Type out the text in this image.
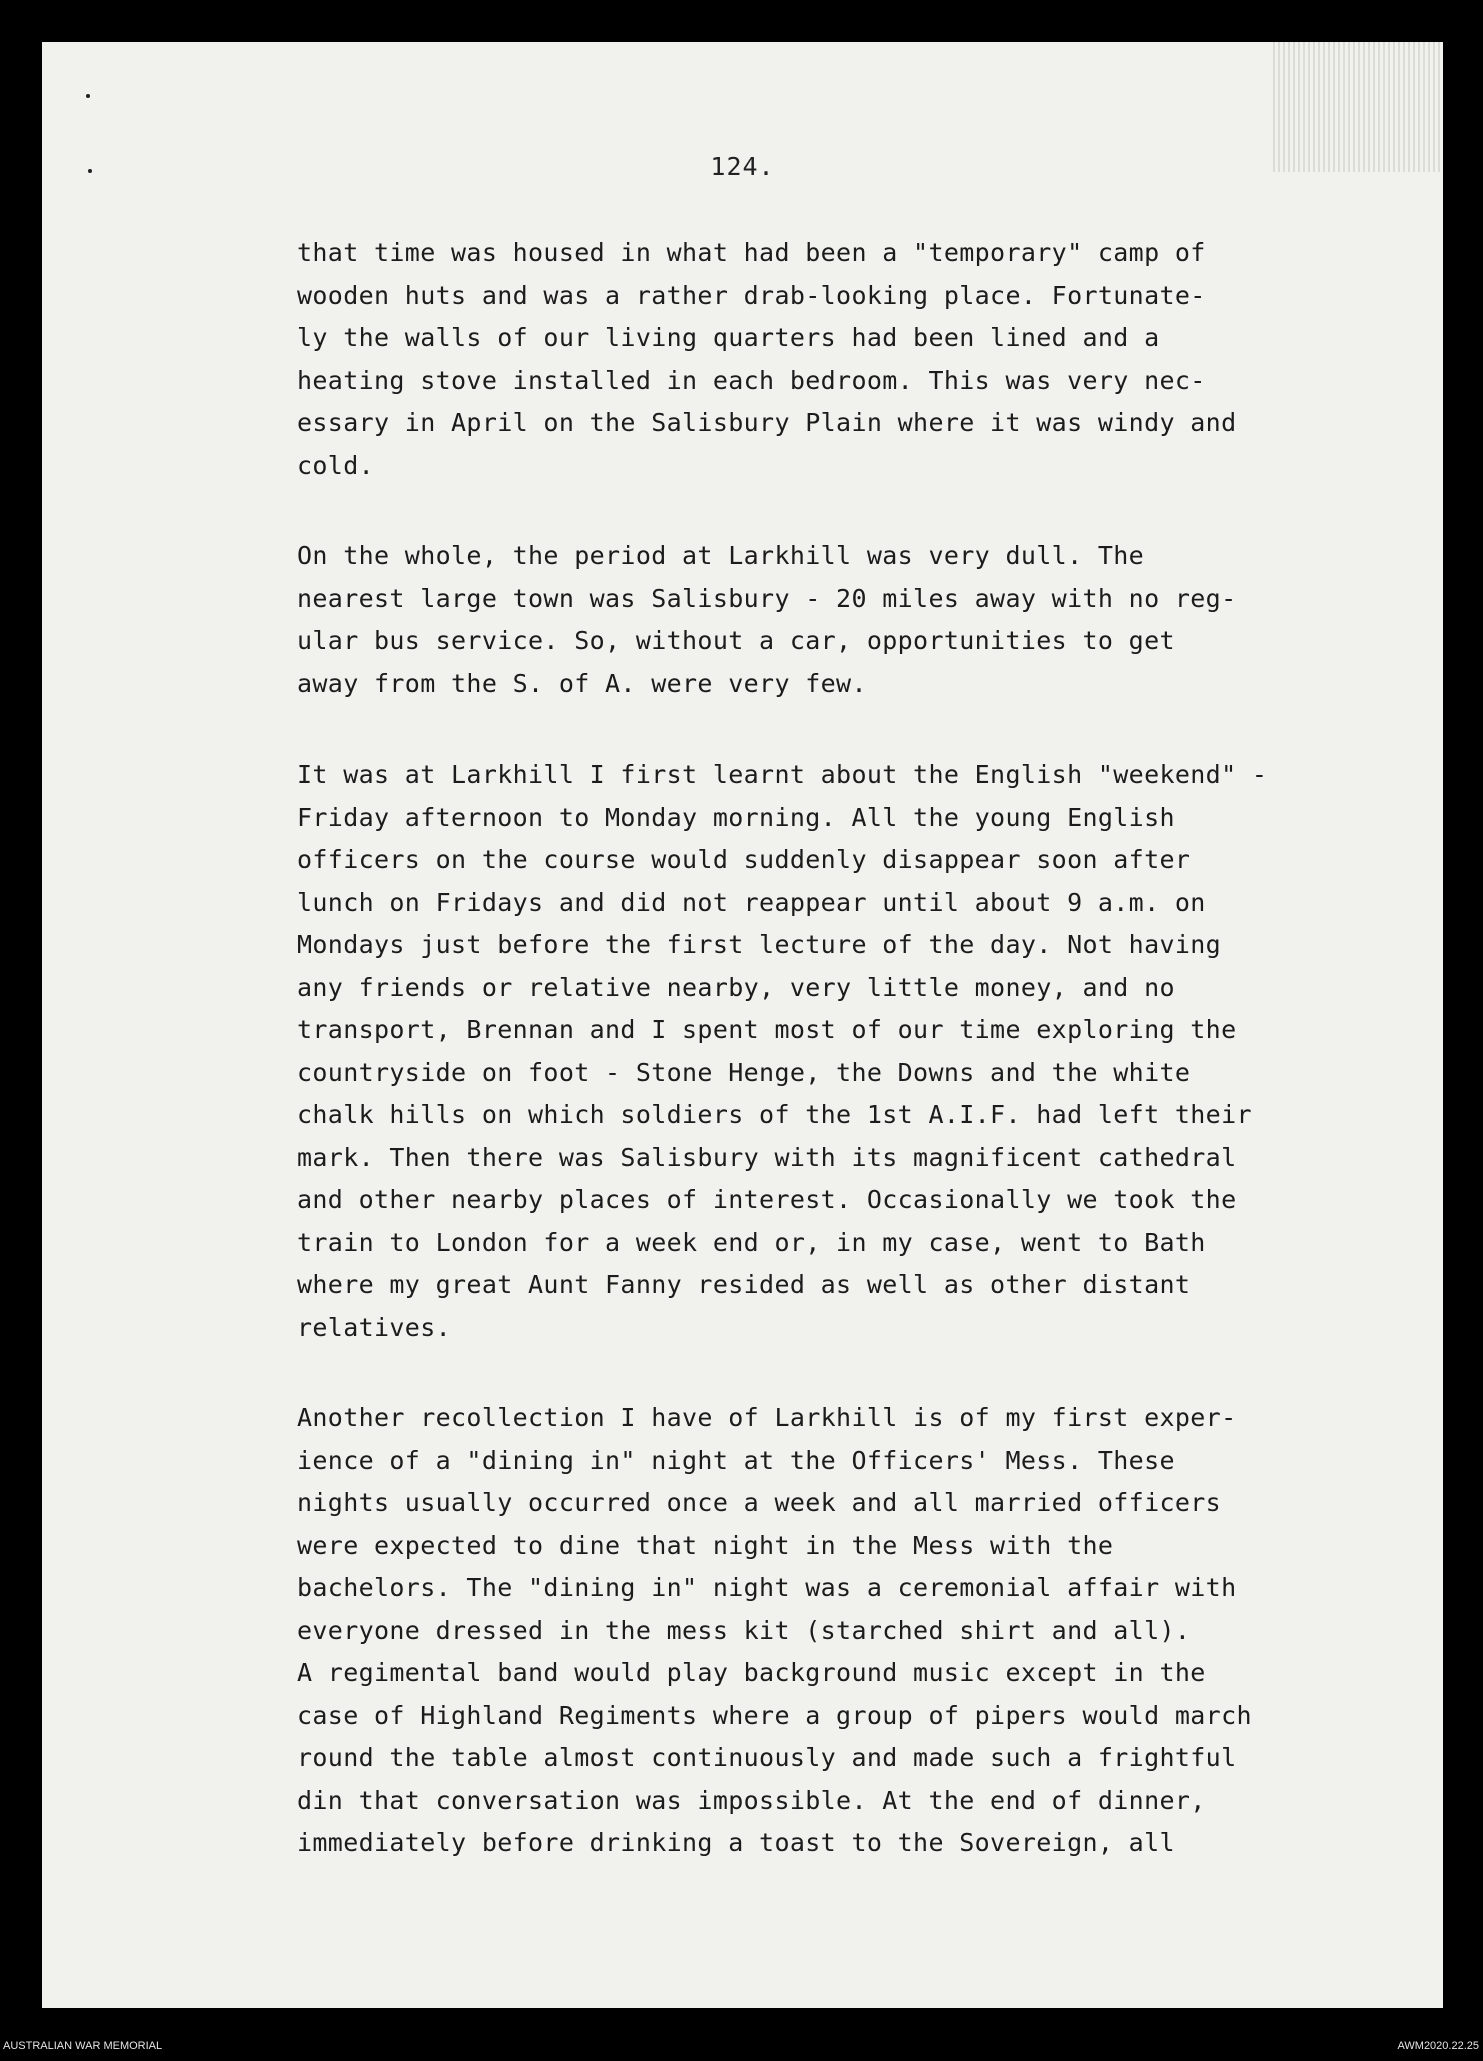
124.

that time was housed in what had been a "temporary" camp of
wooden huts and was a rather drab-looking place. Fortunate-
ly the walls of our living quarters had been lined and a
heating stove installed in each bedroom. This was very nec-
essary in April on the Salisbury Plain where it was windy and
cold.

On the whole, the period at Larkhill was very dull. The
nearest large town was Salisbury - 20 miles away with no reg-
ular bus service. So, without a car, opportunities to get
away from the S. of A. were very few.

It was at Larkhill I first learnt about the English "weekend" -
Friday afternoon to Monday morning. All the young English
officers on the course would suddenly disappear soon after
lunch on Fridays and did not reappear until about 9 a.m. on
Mondays just before the first lecture of the day. Not having
any friends or relative nearby, very little money, and no
transport, Brennan and I spent most of our time exploring the
countryside on foot - Stone Henge, the Downs and the white
chalk hills on which soldiers of the 1st A.I.F. had left their
mark. Then there was Salisbury with its magnificent cathedral
and other nearby places of interest. Occasionally we took the
train to London for a week end or, in my case, went to Bath
where my great Aunt Fanny resided as well as other distant
relatives.

Another recollection I have of Larkhill is of my first exper-
ience of a "dining in" night at the Officers' Mess. These
nights usually occurred once a week and all married officers
were expected to dine that night in the Mess with the
bachelors. The "dining in" night was a ceremonial affair with
everyone dressed in the mess kit (starched shirt and all).
A regimental band would play background music except in the
case of Highland Regiments where a group of pipers would march
round the table almost continuously and made such a frightful
din that conversation was impossible. At the end of dinner,
immediately before drinking a toast to the Sovereign, all

AUSTRALIAN WAR MEMORIAL	AWM2020.22.25
